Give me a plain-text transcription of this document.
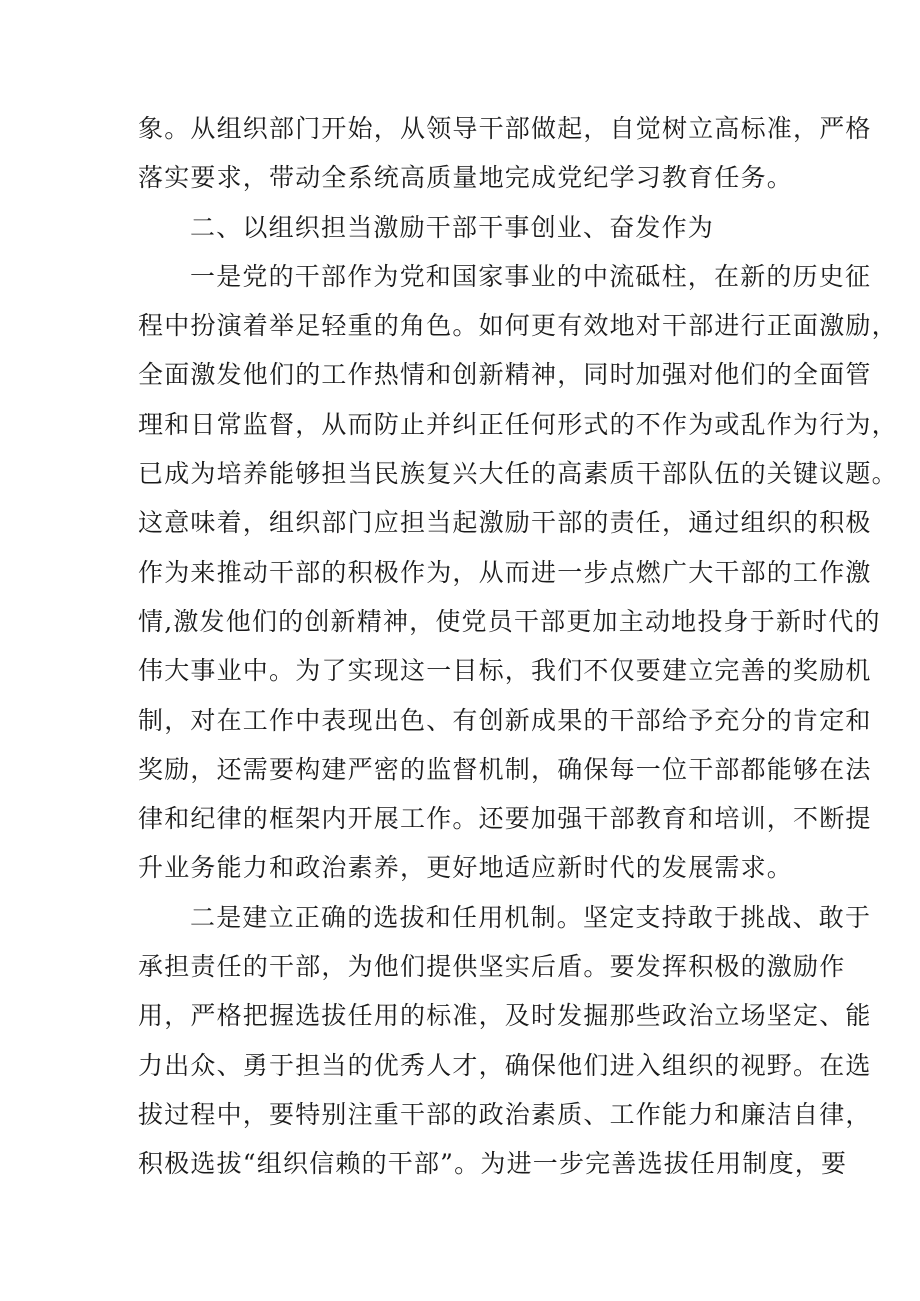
象。从组织部门开始，从领导干部做起，自觉树立高标准，严格
落实要求，带动全系统高质量地完成党纪学习教育任务。
二、以组织担当激励干部干事创业、奋发作为
一是党的干部作为党和国家事业的中流砥柱，在新的历史征
程中扮演着举足轻重的角色。如何更有效地对干部进行正面激励，
全面激发他们的工作热情和创新精神，同时加强对他们的全面管
理和日常监督，从而防止并纠正任何形式的不作为或乱作为行为，
已成为培养能够担当民族复兴大任的高素质干部队伍的关键议题。
这意味着，组织部门应担当起激励干部的责任，通过组织的积极
作为来推动干部的积极作为，从而进一步点燃广大干部的工作激
情,激发他们的创新精神，使党员干部更加主动地投身于新时代的
伟大事业中。为了实现这一目标，我们不仅要建立完善的奖励机
制，对在工作中表现出色、有创新成果的干部给予充分的肯定和
奖励，还需要构建严密的监督机制，确保每一位干部都能够在法
律和纪律的框架内开展工作。还要加强干部教育和培训，不断提
升业务能力和政治素养，更好地适应新时代的发展需求。
二是建立正确的选拔和任用机制。坚定支持敢于挑战、敢于
承担责任的干部，为他们提供坚实后盾。要发挥积极的激励作
用，严格把握选拔任用的标准，及时发掘那些政治立场坚定、能
力出众、勇于担当的优秀人才，确保他们进入组织的视野。在选
拔过程中，要特别注重干部的政治素质、工作能力和廉洁自律，
积极选拔“组织信赖的干部”。为进一步完善选拔任用制度，要
